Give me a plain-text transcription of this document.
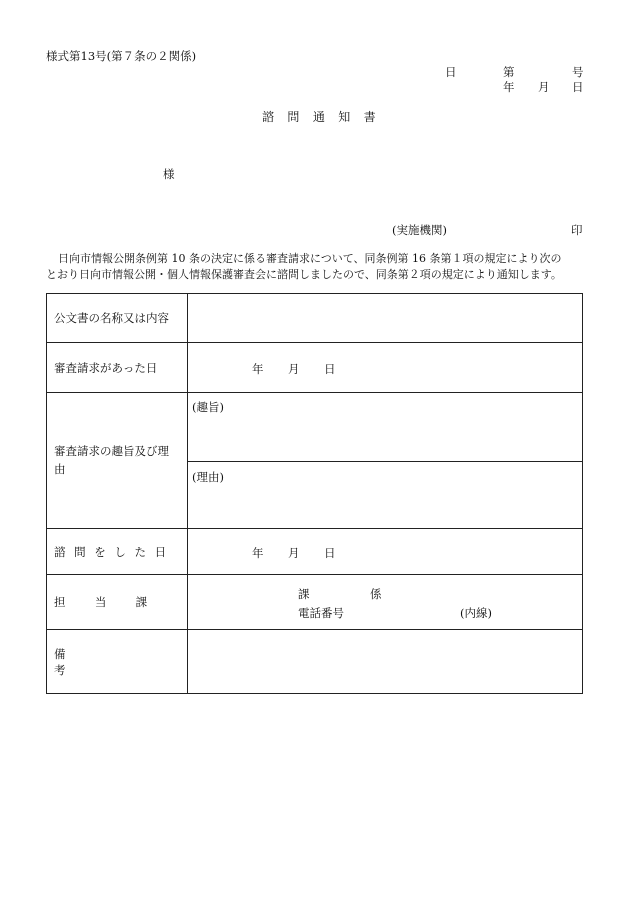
様式第13号(第７条の２関係)
日	第	号
年 月 日
諮 問 通 知 書
様
(実施機関)	印
日向市情報公開条例第 10 条の決定に係る審査請求について、同条例第 16 条第１項の規定により次の
とおり日向市情報公開・個人情報保護審査会に諮問しましたので、同条第２項の規定により通知します。
公文書の名称又は内容	
審査請求があった日	年 月 日

審査請求の趣旨及び理由	(趣旨)
(理由)

諮問をした日	年 月 日

担当課	課 係
電話番号 (内線)

備考	
